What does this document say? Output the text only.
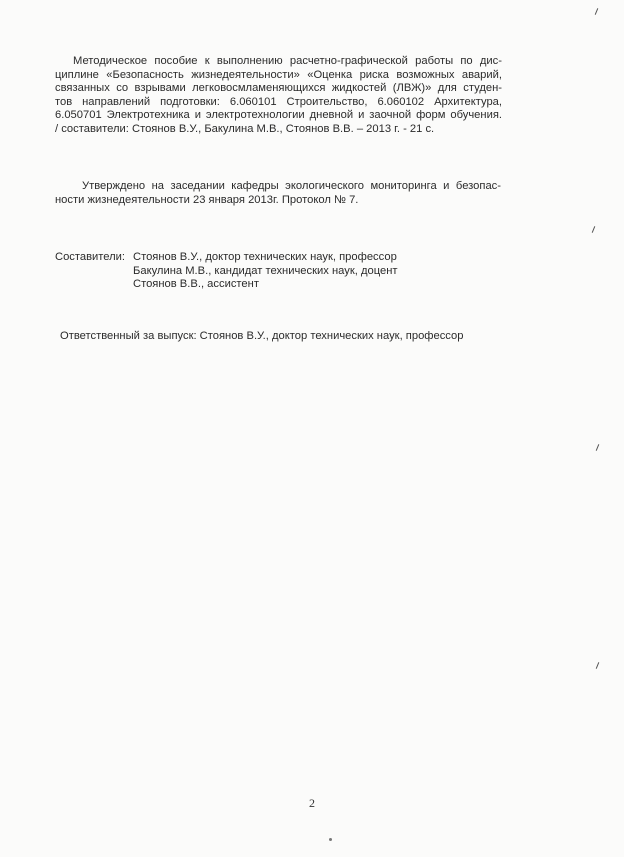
Методическое пособие к выполнению расчетно-графической работы по дис-
циплине «Безопасность жизнедеятельности» «Оценка риска возможных аварий,
связанных со взрывами легковосмламеняющихся жидкостей (ЛВЖ)» для студен-
тов направлений подготовки: 6.060101 Строительство, 6.060102 Архитектура,
6.050701 Электротехника и электротехнологии дневной и заочной форм обучения.
/ составители: Стоянов В.У., Бакулина М.В., Стоянов В.В. – 2013 г. - 21 с.
Утверждено на заседании кафедры экологического мониторинга и безопас-
ности жизнедеятельности 23 января 2013г. Протокол № 7.
Составители: Стоянов В.У., доктор технических наук, профессор
Бакулина М.В., кандидат технических наук, доцент
Стоянов В.В., ассистент
Ответственный за выпуск: Стоянов В.У., доктор технических наук, профессор
2
